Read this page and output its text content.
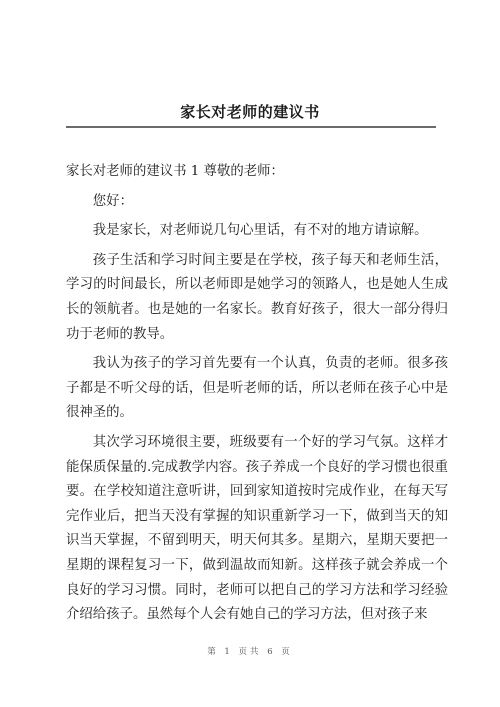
家长对老师的建议书

家长对老师的建议书 1 尊敬的老师：

您好：

我是家长，对老师说几句心里话，有不对的地方请谅解。

孩子生活和学习时间主要是在学校，孩子每天和老师生活，学习的时间最长，所以老师即是她学习的领路人，也是她人生成长的领航者。也是她的一名家长。教育好孩子，很大一部分得归功于老师的教导。

我认为孩子的学习首先要有一个认真，负责的老师。很多孩子都是不听父母的话，但是听老师的话，所以老师在孩子心中是很神圣的。

其次学习环境很主要，班级要有一个好的学习气氛。这样才能保质保量的.完成教学内容。孩子养成一个良好的学习惯也很重要。在学校知道注意听讲，回到家知道按时完成作业，在每天写完作业后，把当天没有掌握的知识重新学习一下，做到当天的知识当天掌握，不留到明天，明天何其多。星期六，星期天要把一星期的课程复习一下，做到温故而知新。这样孩子就会养成一个良好的学习习惯。同时，老师可以把自己的学习方法和学习经验介绍给孩子。虽然每个人会有她自己的学习方法，但对孩子来

第 1 页共 6 页
